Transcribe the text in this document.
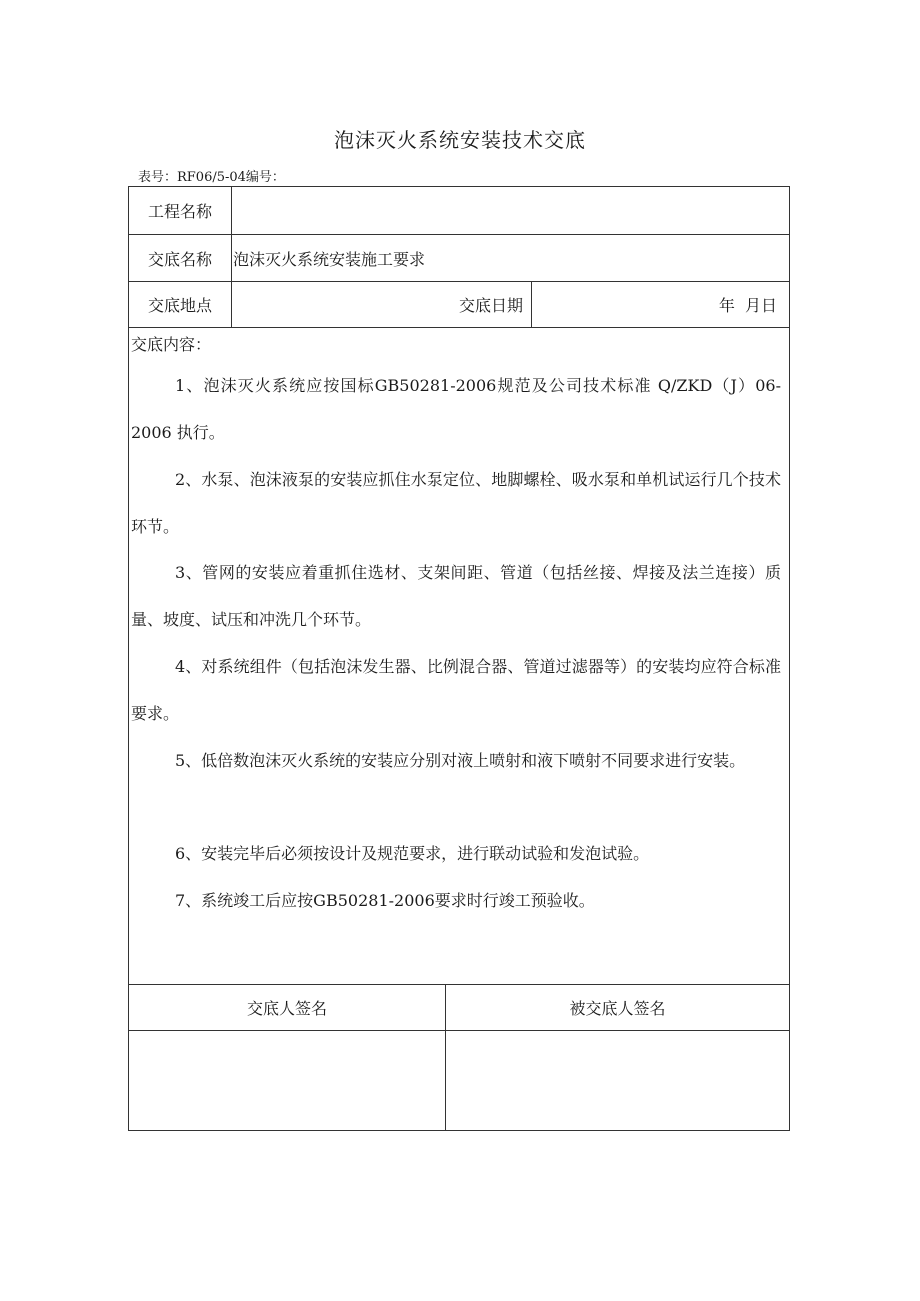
泡沫灭火系统安装技术交底
表号：RF06/5-04编号：
工程名称
交底名称	泡沫灭火系统安装施工要求
交底地点	交底日期	年  月日
交底内容：
1、泡沫灭火系统应按国标GB50281-2006规范及公司技术标准 Q/ZKD（J）06-2006 执行。
2、水泵、泡沫液泵的安装应抓住水泵定位、地脚螺栓、吸水泵和单机试运行几个技术环节。
3、管网的安装应着重抓住选材、支架间距、管道（包括丝接、焊接及法兰连接）质量、坡度、试压和冲洗几个环节。
4、对系统组件（包括泡沫发生器、比例混合器、管道过滤器等）的安装均应符合标准要求。
5、低倍数泡沫灭火系统的安装应分别对液上喷射和液下喷射不同要求进行安装。
6、安装完毕后必须按设计及规范要求，进行联动试验和发泡试验。
7、系统竣工后应按GB50281-2006要求时行竣工预验收。
交底人签名	被交底人签名
